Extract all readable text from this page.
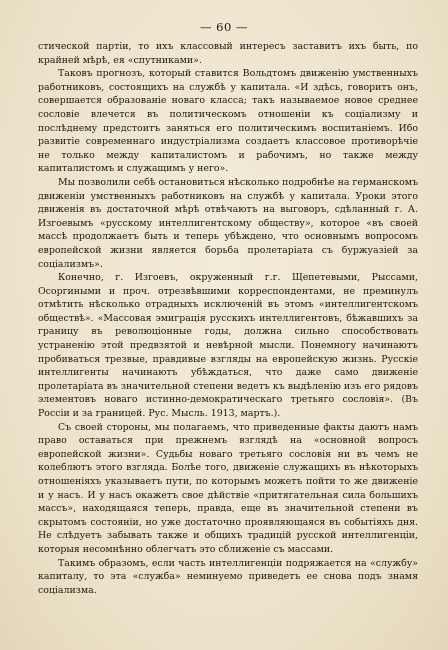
— 60 —

стической партіи, то ихъ классовый интересъ заставитъ ихъ быть, по крайней мѣрѣ, ея «спутниками».

Таковъ прогнозъ, который ставится Вольдтомъ движенію умственныхъ работниковъ, состоящихъ на службѣ у капитала. «И здѣсь, говоритъ онъ, совершается образованіе новаго класса; такъ называемое новое среднее сословіе влечется въ политическомъ отношеніи къ соціализму и послѣднему предстоитъ заняться его политическимъ воспитаніемъ. Ибо развитіе современнаго индустріализма создаетъ классовое противорѣчіе не только между капиталистомъ и рабочимъ, но также между капиталистомъ и служащимъ у него».

Мы позволили себѣ остановиться нѣсколько подробнѣе на германскомъ движеніи умственныхъ работниковъ на службѣ у капитала. Уроки этого движенія въ достаточной мѣрѣ отвѣчаютъ на выговоръ, сдѣланный г. А. Изгоевымъ «русскому интеллигентскому обществу», которое «въ своей массѣ продолжаетъ быть и теперь убѣждено, что основнымъ вопросомъ европейской жизни является борьба пролетаріата съ буржуазіей за соціализмъ».

Конечно, г. Изгоевъ, окруженный г.г. Щепетевыми, Рыссами, Осоргиными и проч. отрезвѣвшими корреспондентами, не преминулъ отмѣтить нѣсколько отрадныхъ исключеній въ этомъ «интеллигентскомъ обществѣ». «Массовая эмиграція русскихъ интеллигентовъ, бѣжавшихъ за границу въ революціонные годы, должна сильно способствовать устраненію этой предвзятой и невѣрной мысли. Понемногу начинаютъ пробиваться трезвые, правдивые взгляды на европейскую жизнь. Русскіе интеллигенты начинаютъ убѣждаться, что даже само движеніе пролетаріата въ значительной степени ведетъ къ выдѣленію изъ его рядовъ элементовъ новаго истинно-демократическаго третьяго сословія». (Въ Россіи и за границей. Рус. Мысль. 1913, мартъ.).

Съ своей стороны, мы полагаемъ, что приведенные факты даютъ намъ право оставаться при прежнемъ взглядѣ на «основной вопросъ европейской жизни». Судьбы новаго третьяго сословія ни въ чемъ не колеблютъ этого взгляда. Болѣе того, движеніе служащихъ въ нѣкоторыхъ отношеніяхъ указываетъ пути, по которымъ можетъ пойти то же движеніе и у насъ. И у насъ окажетъ свое дѣйствіе «притягательная сила большихъ массъ», находящаяся теперь, правда, еще въ значительной степени въ скрытомъ состояніи, но уже достаточно проявляющаяся въ событіяхъ дня. Не слѣдуетъ забывать также и общихъ традицій русской интеллигенціи, которыя несомнѣнно облегчатъ это сближеніе съ массами.

Такимъ образомъ, если часть интеллигенціи подряжается на «службу» капиталу, то эта «служба» неминуемо приведетъ ее снова подъ знамя соціализма.
